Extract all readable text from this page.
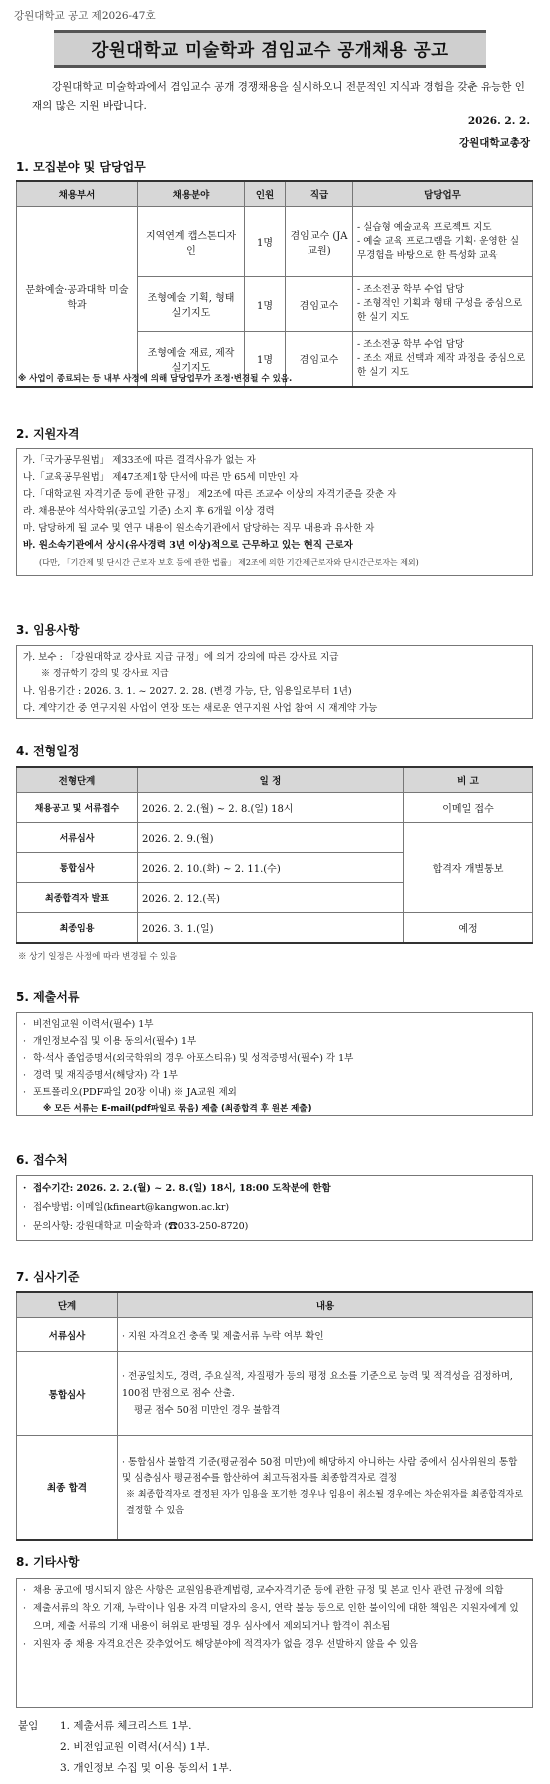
강원대학교 공고 제2026-47호
강원대학교 미술학과 겸임교수 공개채용 공고
강원대학교 미술학과에서 겸임교수 공개 경쟁채용을 실시하오니 전문적인 지식과 경험을 갖춘 유능한 인재의 많은 지원 바랍니다.
2026. 2. 2.
강원대학교총장
1. 모집분야 및 담당업무
채용부서	채용분야	인원	직급	담당업무
문화예술·공과대학 미술학과	지역연계 캡스톤디자인	1명	겸임교수 (JA교원)	- 실습형 예술교육 프로젝트 지도
- 예술 교육 프로그램을 기획· 운영한 실무경험을 바탕으로 한 특성화 교육

	조형예술 기획, 형태 실기지도	1명	겸임교수	- 조소전공 학부 수업 담당
- 조형적인 기획과 형태 구성을 중심으로 한 실기 지도

	조형예술 재료, 제작 실기지도	1명	겸임교수	- 조소전공 학부 수업 담당
- 조소 재료 선택과 제작 과정을 중심으로 한 실기 지도
※ 사업이 종료되는 등 내부 사정에 의해 담당업무가 조정·변경될 수 있음.
2. 지원자격
가.「국가공무원법」 제33조에 따른 결격사유가 없는 자
나.「교육공무원법」 제47조제1항 단서에 따른 만 65세 미만인 자
다.「대학교원 자격기준 등에 관한 규정」 제2조에 따른 조교수 이상의 자격기준을 갖춘 자
라. 채용분야 석사학위(공고일 기준) 소지 후 6개월 이상 경력
마. 담당하게 될 교수 및 연구 내용이 원소속기관에서 담당하는 직무 내용과 유사한 자
바. 원소속기관에서 상시(유사경력 3년 이상)적으로 근무하고 있는 현직 근로자
(다만, 「기간제 및 단시간 근로자 보호 등에 관한 법률」 제2조에 의한 기간제근로자와 단시간근로자는 제외)
3. 임용사항
가. 보수 : 「강원대학교 강사료 지급 규정」에 의거 강의에 따른 강사료 지급
※ 정규학기 강의 및 강사료 지급
나. 임용기간 : 2026. 3. 1. ~ 2027. 2. 28. (변경 가능, 단, 임용일로부터 1년)
다. 계약기간 중 연구지원 사업이 연장 또는 새로운 연구지원 사업 참여 시 재계약 가능
4. 전형일정
전형단계	일 정	비 고
채용공고 및 서류접수	2026. 2. 2.(월) ~ 2. 8.(일) 18시	이메일 접수
서류심사	2026. 2. 9.(월)	합격자 개별통보
통합심사	2026. 2. 10.(화) ~ 2. 11.(수)	
최종합격자 발표	2026. 2. 12.(목)	
최종임용	2026. 3. 1.(일)	예정
※ 상기 일정은 사정에 따라 변경될 수 있음
5. 제출서류
· 비전임교원 이력서(필수) 1부
· 개인정보수집 및 이용 동의서(필수) 1부
· 학·석사 졸업증명서(외국학위의 경우 아포스티유) 및 성적증명서(필수) 각 1부
· 경력 및 재직증명서(해당자) 각 1부
· 포트폴리오(PDF파일 20장 이내) ※ JA교원 제외
※ 모든 서류는 E-mail(pdf파일로 묶음) 제출 (최종합격 후 원본 제출)
6. 접수처
· 접수기간: 2026. 2. 2.(월) ~ 2. 8.(일) 18시, 18:00 도착분에 한함
· 접수방법: 이메일(kfineart@kangwon.ac.kr)
· 문의사항: 강원대학교 미술학과 (☎033-250-8720)
7. 심사기준
단계	내용
서류심사	· 지원 자격요건 충족 및 제출서류 누락 여부 확인
통합심사	· 전공일치도, 경력, 주요실적, 자질평가 등의 평정 요소를 기준으로 능력 및 적격성을 검정하며, 100점 만점으로 점수 산출.
평균 점수 50점 미만인 경우 불합격

최종 합격	· 통합심사 불합격 기준(평균점수 50점 미만)에 해당하지 아니하는 사람 중에서 심사위원의 통합 및 심층심사 평균점수를 합산하여 최고득점자를 최종합격자로 결정
※ 최종합격자로 결정된 자가 임용을 포기한 경우나 임용이 취소될 경우에는 차순위자를 최종합격자로 결정할 수 있음
8. 기타사항
· 채용 공고에 명시되지 않은 사항은 교원임용관계법령, 교수자격기준 등에 관한 규정 및 본교 인사 관련 규정에 의함
· 제출서류의 착오 기재, 누락이나 임용 자격 미달자의 응시, 연락 불능 등으로 인한 불이익에 대한 책임은 지원자에게 있으며, 제출 서류의 기재 내용이 허위로 판명될 경우 심사에서 제외되거나 합격이 취소됨
· 지원자 중 채용 자격요건은 갖추었어도 해당분야에 적격자가 없을 경우 선발하지 않을 수 있음
붙임	1. 제출서류 체크리스트 1부.
2. 비전임교원 이력서(서식) 1부.
3. 개인정보 수집 및 이용 동의서 1부.
